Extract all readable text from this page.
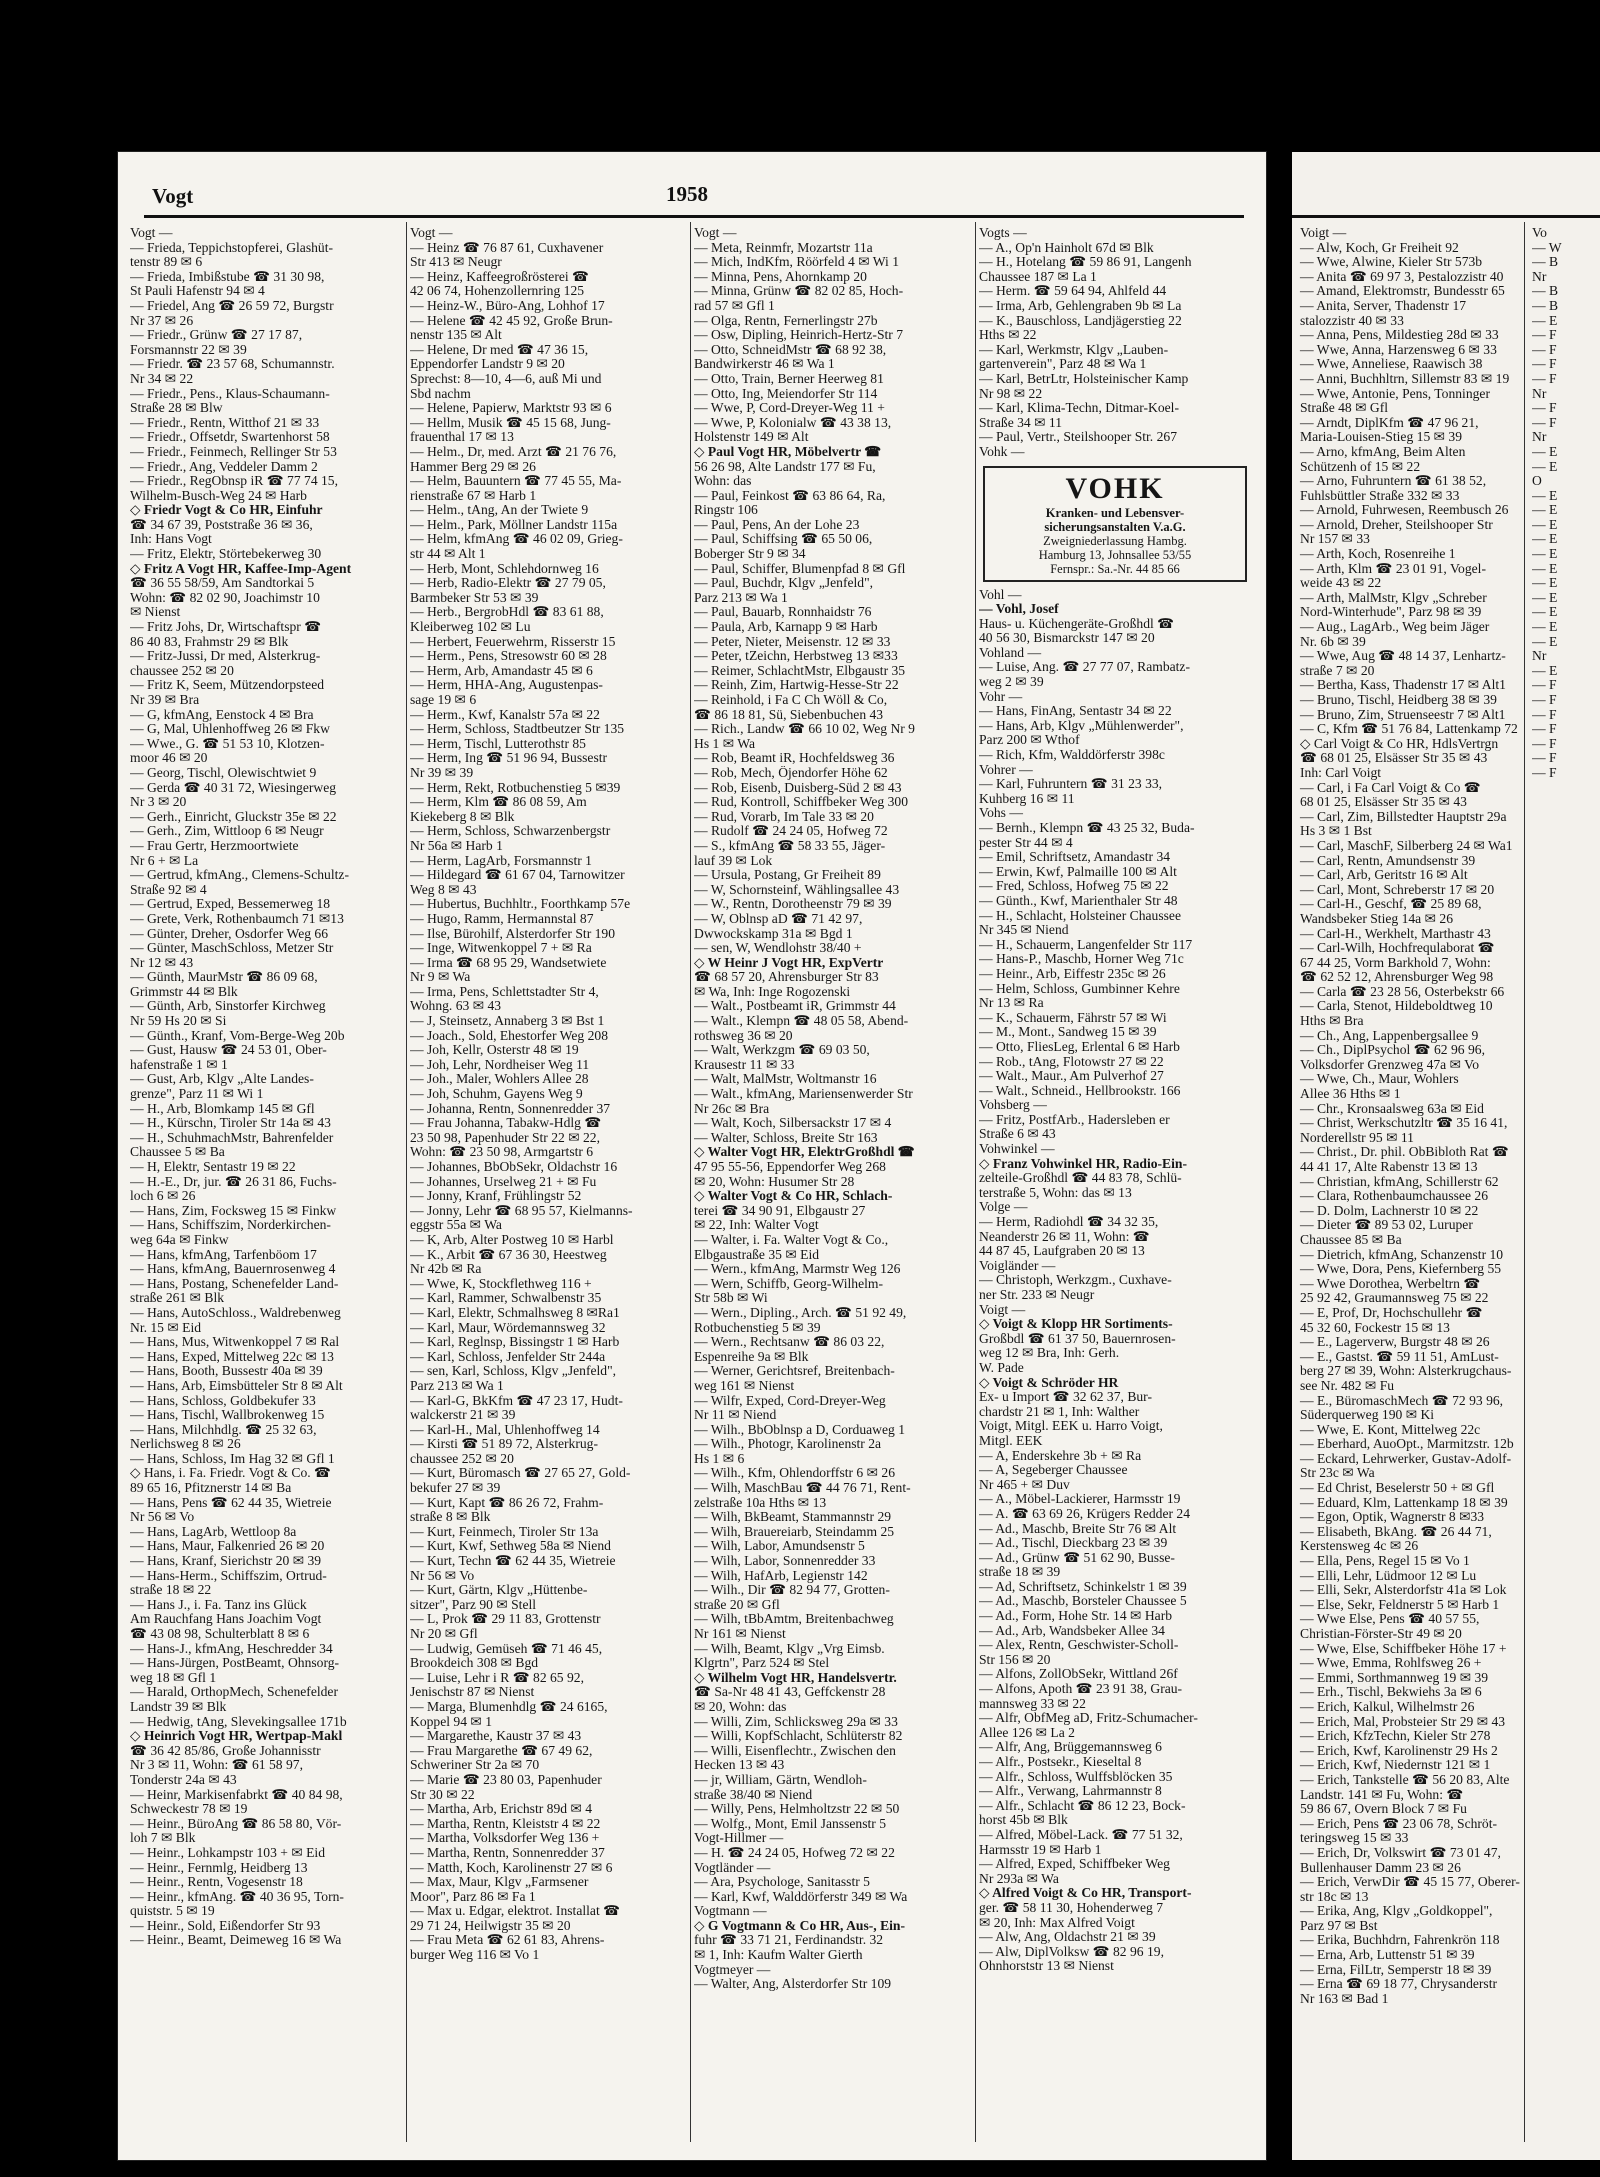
Vogt	1958
Vogt —
— Frieda, Teppichstopferei, Glashüt-
tenstr 89 ✉ 6
— Frieda, Imbißstube ☎ 31 30 98,
St Pauli Hafenstr 94 ✉ 4
— Friedel, Ang ☎ 26 59 72, Burgstr
Nr 37 ✉ 26
— Friedr., Grünw ☎ 27 17 87,
Forsmannstr 22 ✉ 39
— Friedr. ☎ 23 57 68, Schumannstr.
Nr 34 ✉ 22
— Friedr., Pens., Klaus-Schaumann-
Straße 28 ✉ Blw
— Friedr., Rentn, Witthof 21 ✉ 33
— Friedr., Offsetdr, Swartenhorst 58
— Friedr., Feinmech, Rellinger Str 53
— Friedr., Ang, Veddeler Damm 2
— Friedr., RegObnsp iR ☎ 77 74 15,
Wilhelm-Busch-Weg 24 ✉ Harb
◇ Friedr Vogt & Co HR, Einfuhr
☎ 34 67 39, Poststraße 36 ✉ 36,
Inh: Hans Vogt
— Fritz, Elektr, Störtebekerweg 30
◇ Fritz A Vogt HR, Kaffee-Imp-Agent
☎ 36 55 58/59, Am Sandtorkai 5
Wohn: ☎ 82 02 90, Joachimstr 10
✉ Nienst
— Fritz Johs, Dr, Wirtschaftspr ☎
86 40 83, Frahmstr 29 ✉ Blk
— Fritz-Jussi, Dr med, Alsterkrug-
chaussee 252 ✉ 20
— Fritz K, Seem, Mützendorpsteed
Nr 39 ✉ Bra
— G, kfmAng, Eenstock 4 ✉ Bra
— G, Mal, Uhlenhoffweg 26 ✉ Fkw
— Wwe., G. ☎ 51 53 10, Klotzen-
moor 46 ✉ 20
— Georg, Tischl, Olewischtwiet 9
— Gerda ☎ 40 31 72, Wiesingerweg
Nr 3 ✉ 20
— Gerh., Einricht, Gluckstr 35e ✉ 22
— Gerh., Zim, Wittloop 6 ✉ Neugr
— Frau Gertr, Herzmoortwiete
Nr 6 + ✉ La
— Gertrud, kfmAng., Clemens-Schultz-
Straße 92 ✉ 4
— Gertrud, Exped, Bessemerweg 18
— Grete, Verk, Rothenbaumch 71 ✉13
— Günter, Dreher, Osdorfer Weg 66
— Günter, MaschSchloss, Metzer Str
Nr 12 ✉ 43
— Günth, MaurMstr ☎ 86 09 68,
Grimmstr 44 ✉ Blk
— Günth, Arb, Sinstorfer Kirchweg
Nr 59 Hs 20 ✉ Si
— Günth., Kranf, Vom-Berge-Weg 20b
— Gust, Hausw ☎ 24 53 01, Ober-
hafenstraße 1 ✉ 1
— Gust, Arb, Klgv „Alte Landes-
grenze", Parz 11 ✉ Wi 1
— H., Arb, Blomkamp 145 ✉ Gfl
— H., Kürschn, Tiroler Str 14a ✉ 43
— H., SchuhmachMstr, Bahrenfelder
Chaussee 5 ✉ Ba
— H, Elektr, Sentastr 19 ✉ 22
— H.-E., Dr, jur. ☎ 26 31 86, Fuchs-
loch 6 ✉ 26
— Hans, Zim, Focksweg 15 ✉ Finkw
— Hans, Schiffszim, Norderkirchen-
weg 64a ✉ Finkw
— Hans, kfmAng, Tarfenböom 17
— Hans, kfmAng, Bauernrosenweg 4
— Hans, Postang, Schenefelder Land-
straße 261 ✉ Blk
— Hans, AutoSchloss., Waldrebenweg
Nr. 15 ✉ Eid
— Hans, Mus, Witwenkoppel 7 ✉ Ral
— Hans, Exped, Mittelweg 22c ✉ 13
— Hans, Booth, Bussestr 40a ✉ 39
— Hans, Arb, Eimsbütteler Str 8 ✉ Alt
— Hans, Schloss, Goldbekufer 33
— Hans, Tischl, Wallbrokenweg 15
— Hans, Milchhdlg. ☎ 25 32 63,
Nerlichsweg 8 ✉ 26
— Hans, Schloss, Im Hag 32 ✉ Gfl 1
◇ Hans, i. Fa. Friedr. Vogt & Co. ☎
89 65 16, Pfitznerstr 14 ✉ Ba
— Hans, Pens ☎ 62 44 35, Wietreie
Nr 56 ✉ Vo
— Hans, LagArb, Wettloop 8a
— Hans, Maur, Falkenried 26 ✉ 20
— Hans, Kranf, Sierichstr 20 ✉ 39
— Hans-Herm., Schiffszim, Ortrud-
straße 18 ✉ 22
— Hans J., i. Fa. Tanz ins Glück
Am Rauchfang Hans Joachim Vogt
☎ 43 08 98, Schulterblatt 8 ✉ 6
— Hans-J., kfmAng, Heschredder 34
— Hans-Jürgen, PostBeamt, Ohnsorg-
weg 18 ✉ Gfl 1
— Harald, OrthopMech, Schenefelder
Landstr 39 ✉ Blk
— Hedwig, tAng, Slevekingsallee 171b
◇ Heinrich Vogt HR, Wertpap-Makl
☎ 36 42 85/86, Große Johannisstr
Nr 3 ✉ 11, Wohn: ☎ 61 58 97,
Tonderstr 24a ✉ 43
— Heinr, Markisenfabrkt ☎ 40 84 98,
Schweckestr 78 ✉ 19
— Heinr., BüroAng ☎ 86 58 80, Vör-
loh 7 ✉ Blk
— Heinr., Lohkampstr 103 + ✉ Eid
— Heinr., Fernmlg, Heidberg 13
— Heinr., Rentn, Vogesenstr 18
— Heinr., kfmAng. ☎ 40 36 95, Torn-
quiststr. 5 ✉ 19
— Heinr., Sold, Eißendorfer Str 93
— Heinr., Beamt, Deimeweg 16 ✉ Wa
Vogt —
— Heinz ☎ 76 87 61, Cuxhavener
Str 413 ✉ Neugr
— Heinz, Kaffeegroßrösterei ☎
42 06 74, Hohenzollernring 125
— Heinz-W., Büro-Ang, Lohhof 17
— Helene ☎ 42 45 92, Große Brun-
nenstr 135 ✉ Alt
— Helene, Dr med ☎ 47 36 15,
Eppendorfer Landstr 9 ✉ 20
Sprechst: 8—10, 4—6, auß Mi und
Sbd nachm
— Helene, Papierw, Marktstr 93 ✉ 6
— Hellm, Musik ☎ 45 15 68, Jung-
frauenthal 17 ✉ 13
— Helm., Dr, med. Arzt ☎ 21 76 76,
Hammer Berg 29 ✉ 26
— Helm, Bauuntern ☎ 77 45 55, Ma-
rienstraße 67 ✉ Harb 1
— Helm., tAng, An der Twiete 9
— Helm., Park, Möllner Landstr 115a
— Helm, kfmAng ☎ 46 02 09, Grieg-
str 44 ✉ Alt 1
— Herb, Mont, Schlehdornweg 16
— Herb, Radio-Elektr ☎ 27 79 05,
Barmbeker Str 53 ✉ 39
— Herb., BergrobHdl ☎ 83 61 88,
Kleiberweg 102 ✉ Lu
— Herbert, Feuerwehrm, Risserstr 15
— Herm., Pens, Stresowstr 60 ✉ 28
— Herm, Arb, Amandastr 45 ✉ 6
— Herm, HHA-Ang, Augustenpas-
sage 19 ✉ 6
— Herm., Kwf, Kanalstr 57a ✉ 22
— Herm, Schloss, Stadtbeutzer Str 135
— Herm, Tischl, Lutterothstr 85
— Herm, Ing ☎ 51 96 94, Bussestr
Nr 39 ✉ 39
— Herm, Rekt, Rotbuchenstieg 5 ✉39
— Herm, Klm ☎ 86 08 59, Am
Kiekeberg 8 ✉ Blk
— Herm, Schloss, Schwarzenbergstr
Nr 56a ✉ Harb 1
— Herm, LagArb, Forsmannstr 1
— Hildegard ☎ 61 67 04, Tarnowitzer
Weg 8 ✉ 43
— Hubertus, Buchhltr., Foorthkamp 57e
— Hugo, Ramm, Hermannstal 87
— Ilse, Bürohilf, Alsterdorfer Str 190
— Inge, Witwenkoppel 7 + ✉ Ra
— Irma ☎ 68 95 29, Wandsetwiete
Nr 9 ✉ Wa
— Irma, Pens, Schlettstadter Str 4,
Wohng. 63 ✉ 43
— J, Steinsetz, Annaberg 3 ✉ Bst 1
— Joach., Sold, Ehestorfer Weg 208
— Joh, Kellr, Osterstr 48 ✉ 19
— Joh, Lehr, Nordheiser Weg 11
— Joh., Maler, Wohlers Allee 28
— Joh, Schuhm, Gayens Weg 9
— Johanna, Rentn, Sonnenredder 37
— Frau Johanna, Tabakw-Hdlg ☎
23 50 98, Papenhuder Str 22 ✉ 22,
Wohn: ☎ 23 50 98, Armgartstr 6
— Johannes, BbObSekr, Oldachstr 16
— Johannes, Urselweg 21 + ✉ Fu
— Jonny, Kranf, Frühlingstr 52
— Jonny, Lehr ☎ 68 95 57, Kielmanns-
eggstr 55a ✉ Wa
— K, Arb, Alter Postweg 10 ✉ Harbl
— K., Arbit ☎ 67 36 30, Heestweg
Nr 42b ✉ Ra
— Wwe, K, Stockflethweg 116 +
— Karl, Rammer, Schwalbenstr 35
— Karl, Elektr, Schmalhsweg 8 ✉Ra1
— Karl, Maur, Wördemannsweg 32
— Karl, Reglnsp, Bissingstr 1 ✉ Harb
— Karl, Schloss, Jenfelder Str 244a
— sen, Karl, Schloss, Klgv „Jenfeld",
Parz 213 ✉ Wa 1
— Karl-G, BkKfm ☎ 47 23 17, Hudt-
walckerstr 21 ✉ 39
— Karl-H., Mal, Uhlenhoffweg 14
— Kirsti ☎ 51 89 72, Alsterkrug-
chaussee 252 ✉ 20
— Kurt, Büromasch ☎ 27 65 27, Gold-
bekufer 27 ✉ 39
— Kurt, Kapt ☎ 86 26 72, Frahm-
straße 8 ✉ Blk
— Kurt, Feinmech, Tiroler Str 13a
— Kurt, Kwf, Sethweg 58a ✉ Niend
— Kurt, Techn ☎ 62 44 35, Wietreie
Nr 56 ✉ Vo
— Kurt, Gärtn, Klgv „Hüttenbe-
sitzer", Parz 90 ✉ Stell
— L, Prok ☎ 29 11 83, Grottenstr
Nr 20 ✉ Gfl
— Ludwig, Gemüseh ☎ 71 46 45,
Brookdeich 308 ✉ Bgd
— Luise, Lehr i R ☎ 82 65 92,
Jenischstr 87 ✉ Nienst
— Marga, Blumenhdlg ☎ 24 6165,
Koppel 94 ✉ 1
— Margarethe, Kaustr 37 ✉ 43
— Frau Margarethe ☎ 67 49 62,
Schweriner Str 2a ✉ 70
— Marie ☎ 23 80 03, Papenhuder
Str 30 ✉ 22
— Martha, Arb, Erichstr 89d ✉ 4
— Martha, Rentn, Kleiststr 4 ✉ 22
— Martha, Volksdorfer Weg 136 +
— Martha, Rentn, Sonnenredder 37
— Matth, Koch, Karolinenstr 27 ✉ 6
— Max, Maur, Klgv „Farmsener
Moor", Parz 86 ✉ Fa 1
— Max u. Edgar, elektrot. Installat ☎
29 71 24, Heilwigstr 35 ✉ 20
— Frau Meta ☎ 62 61 83, Ahrens-
burger Weg 116 ✉ Vo 1
Vogt —
— Meta, Reinmfr, Mozartstr 11a
— Mich, IndKfm, Röörfeld 4 ✉ Wi 1
— Minna, Pens, Ahornkamp 20
— Minna, Grünw ☎ 82 02 85, Hoch-
rad 57 ✉ Gfl 1
— Olga, Rentn, Fernerlingstr 27b
— Osw, Dipling, Heinrich-Hertz-Str 7
— Otto, SchneidMstr ☎ 68 92 38,
Bandwirkerstr 46 ✉ Wa 1
— Otto, Train, Berner Heerweg 81
— Otto, Ing, Meiendorfer Str 114
— Wwe, P, Cord-Dreyer-Weg 11 +
— Wwe, P, Kolonialw ☎ 43 38 13,
Holstenstr 149 ✉ Alt
◇ Paul Vogt HR, Möbelvertr ☎
56 26 98, Alte Landstr 177 ✉ Fu,
Wohn: das
— Paul, Feinkost ☎ 63 86 64, Ra,
Ringstr 106
— Paul, Pens, An der Lohe 23
— Paul, Schiffsing ☎ 65 50 06,
Boberger Str 9 ✉ 34
— Paul, Schiffer, Blumenpfad 8 ✉ Gfl
— Paul, Buchdr, Klgv „Jenfeld",
Parz 213 ✉ Wa 1
— Paul, Bauarb, Ronnhaidstr 76
— Paula, Arb, Karnapp 9 ✉ Harb
— Peter, Nieter, Meisenstr. 12 ✉ 33
— Peter, tZeichn, Herbstweg 13 ✉33
— Reimer, SchlachtMstr, Elbgaustr 35
— Reinh, Zim, Hartwig-Hesse-Str 22
— Reinhold, i Fa C Ch Wöll & Co,
☎ 86 18 81, Sü, Siebenbuchen 43
— Rich., Landw ☎ 66 10 02, Weg Nr 9
Hs 1 ✉ Wa
— Rob, Beamt iR, Hochfeldsweg 36
— Rob, Mech, Öjendorfer Höhe 62
— Rob, Eisenb, Duisberg-Süd 2 ✉ 43
— Rud, Kontroll, Schiffbeker Weg 300
— Rud, Vorarb, Im Tale 33 ✉ 20
— Rudolf ☎ 24 24 05, Hofweg 72
— S., kfmAng ☎ 58 33 55, Jäger-
lauf 39 ✉ Lok
— Ursula, Postang, Gr Freiheit 89
— W, Schornsteinf, Wählingsallee 43
— W., Rentn, Dorotheenstr 79 ✉ 39
— W, Oblnsp aD ☎ 71 42 97,
Dwwockskamp 31a ✉ Bgd 1
— sen, W, Wendlohstr 38/40 +
◇ W Heinr J Vogt HR, ExpVertr
☎ 68 57 20, Ahrensburger Str 83
✉ Wa, Inh: Inge Rogozenski
— Walt., Postbeamt iR, Grimmstr 44
— Walt., Klempn ☎ 48 05 58, Abend-
rothsweg 36 ✉ 20
— Walt, Werkzgm ☎ 69 03 50,
Krausestr 11 ✉ 33
— Walt, MalMstr, Woltmanstr 16
— Walt., kfmAng, Mariensenwerder Str
Nr 26c ✉ Bra
— Walt, Koch, Silbersackstr 17 ✉ 4
— Walter, Schloss, Breite Str 163
◇ Walter Vogt HR, ElektrGroßhdl ☎
47 95 55-56, Eppendorfer Weg 268
✉ 20, Wohn: Husumer Str 28
◇ Walter Vogt & Co HR, Schlach-
terei ☎ 34 90 91, Elbgaustr 27
✉ 22, Inh: Walter Vogt
— Walter, i. Fa. Walter Vogt & Co.,
Elbgaustraße 35 ✉ Eid
— Wern., kfmAng, Marmstr Weg 126
— Wern, Schiffb, Georg-Wilhelm-
Str 58b ✉ Wi
— Wern., Dipling., Arch. ☎ 51 92 49,
Rotbuchenstieg 5 ✉ 39
— Wern., Rechtsanw ☎ 86 03 22,
Espenreihe 9a ✉ Blk
— Werner, Gerichtsref, Breitenbach-
weg 161 ✉ Nienst
— Wilfr, Exped, Cord-Dreyer-Weg
Nr 11 ✉ Niend
— Wilh., BbOblnsp a D, Corduaweg 1
— Wilh., Photogr, Karolinenstr 2a
Hs 1 ✉ 6
— Wilh., Kfm, Ohlendorffstr 6 ✉ 26
— Wilh, MaschBau ☎ 44 76 71, Rent-
zelstraße 10a Hths ✉ 13
— Wilh, BkBeamt, Stammannstr 29
— Wilh, Brauereiarb, Steindamm 25
— Wilh, Labor, Amundsenstr 5
— Wilh, Labor, Sonnenredder 33
— Wilh, HafArb, Legienstr 142
— Wilh., Dir ☎ 82 94 77, Grotten-
straße 20 ✉ Gfl
— Wilh, tBbAmtm, Breitenbachweg
Nr 161 ✉ Nienst
— Wilh, Beamt, Klgv „Vrg Eimsb.
Klgrtn", Parz 524 ✉ Stel
◇ Wilhelm Vogt HR, Handelsvertr.
☎ Sa-Nr 48 41 43, Geffckenstr 28
✉ 20, Wohn: das
— Willi, Zim, Schlicksweg 29a ✉ 33
— Willi, KopfSchlacht, Schlüterstr 82
— Willi, Eisenflechtr., Zwischen den
Hecken 13 ✉ 43
— jr, William, Gärtn, Wendloh-
straße 38/40 ✉ Niend
— Willy, Pens, Helmholtzstr 22 ✉ 50
— Wolfg., Mont, Emil Janssenstr 5
Vogt-Hillmer —
— H. ☎ 24 24 05, Hofweg 72 ✉ 22
Vogtländer —
— Ara, Psychologe, Sanitasstr 5
— Karl, Kwf, Walddörferstr 349 ✉ Wa
Vogtmann —
◇ G Vogtmann & Co HR, Aus-, Ein-
fuhr ☎ 33 71 21, Ferdinandstr. 32
✉ 1, Inh: Kaufm Walter Gierth
Vogtmeyer —
— Walter, Ang, Alsterdorfer Str 109
Vogts —
— A., Op'n Hainholt 67d ✉ Blk
— H., Hotelang ☎ 59 86 91, Langenh
Chaussee 187 ✉ La 1
— Herm. ☎ 59 64 94, Ahlfeld 44
— Irma, Arb, Gehlengraben 9b ✉ La
— K., Bauschloss, Landjägerstieg 22
Hths ✉ 22
— Karl, Werkmstr, Klgv „Lauben-
gartenverein", Parz 48 ✉ Wa 1
— Karl, BetrLtr, Holsteinischer Kamp
Nr 98 ✉ 22
— Karl, Klima-Techn, Ditmar-Koel-
Straße 34 ✉ 11
— Paul, Vertr., Steilshooper Str. 267
Vohk —
VOHK
Kranken- und Lebensver-
sicherungsanstalten V.a.G.
Zweigniederlassung Hambg.
Hamburg 13, Johnsallee 53/55
Fernspr.: Sa.-Nr. 44 85 66
Vohl —
— Vohl, Josef
Haus- u. Küchengeräte-Großhdl ☎
40 56 30, Bismarckstr 147 ✉ 20
Vohland —
— Luise, Ang. ☎ 27 77 07, Rambatz-
weg 2 ✉ 39
Vohr —
— Hans, FinAng, Sentastr 34 ✉ 22
— Hans, Arb, Klgv „Mühlenwerder",
Parz 200 ✉ Wthof
— Rich, Kfm, Walddörferstr 398c
Vohrer —
— Karl, Fuhruntern ☎ 31 23 33,
Kuhberg 16 ✉ 11
Vohs —
— Bernh., Klempn ☎ 43 25 32, Buda-
pester Str 44 ✉ 4
— Emil, Schriftsetz, Amandastr 34
— Erwin, Kwf, Palmaille 100 ✉ Alt
— Fred, Schloss, Hofweg 75 ✉ 22
— Günth., Kwf, Marienthaler Str 48
— H., Schlacht, Holsteiner Chaussee
Nr 345 ✉ Niend
— H., Schauerm, Langenfelder Str 117
— Hans-P., Maschb, Horner Weg 71c
— Heinr., Arb, Eiffestr 235c ✉ 26
— Helm, Schloss, Gumbinner Kehre
Nr 13 ✉ Ra
— K., Schauerm, Fährstr 57 ✉ Wi
— M., Mont., Sandweg 15 ✉ 39
— Otto, FliesLeg, Erlental 6 ✉ Harb
— Rob., tAng, Flotowstr 27 ✉ 22
— Walt., Maur., Am Pulverhof 27
— Walt., Schneid., Hellbrookstr. 166
Vohsberg —
— Fritz, PostfArb., Hadersleben er
Straße 6 ✉ 43
Vohwinkel —
◇ Franz Vohwinkel HR, Radio-Ein-
zelteile-Großhdl ☎ 44 83 78, Schlü-
terstraße 5, Wohn: das ✉ 13
Volge —
— Herm, Radiohdl ☎ 34 32 35,
Neanderstr 26 ✉ 11, Wohn: ☎
44 87 45, Laufgraben 20 ✉ 13
Voigländer —
— Christoph, Werkzgm., Cuxhave-
ner Str. 233 ✉ Neugr
Voigt —
◇ Voigt & Klopp HR Sortiments-
Großbdl ☎ 61 37 50, Bauernrosen-
weg 12 ✉ Bra, Inh: Gerh.
W. Pade
◇ Voigt & Schröder HR
Ex- u Import ☎ 32 62 37, Bur-
chardstr 21 ✉ 1, Inh: Walther
Voigt, Mitgl. EEK u. Harro Voigt,
Mitgl. EEK
— A, Enderskehre 3b + ✉ Ra
— A, Segeberger Chaussee
Nr 465 + ✉ Duv
— A., Möbel-Lackierer, Harmsstr 19
— A. ☎ 63 69 26, Krügers Redder 24
— Ad., Maschb, Breite Str 76 ✉ Alt
— Ad., Tischl, Dieckbarg 23 ✉ 39
— Ad., Grünw ☎ 51 62 90, Busse-
straße 18 ✉ 39
— Ad, Schriftsetz, Schinkelstr 1 ✉ 39
— Ad., Maschb, Borsteler Chaussee 5
— Ad., Form, Hohe Str. 14 ✉ Harb
— Ad., Arb, Wandsbeker Allee 34
— Alex, Rentn, Geschwister-Scholl-
Str 156 ✉ 20
— Alfons, ZollObSekr, Wittland 26f
— Alfons, Apoth ☎ 23 91 38, Grau-
mannsweg 33 ✉ 22
— Alfr, ObfMeg aD, Fritz-Schumacher-
Allee 126 ✉ La 2
— Alfr, Ang, Brüggemannsweg 6
— Alfr., Postsekr., Kieseltal 8
— Alfr., Schloss, Wulffsblöcken 35
— Alfr., Verwang, Lahrmannstr 8
— Alfr., Schlacht ☎ 86 12 23, Bock-
horst 45b ✉ Blk
— Alfred, Möbel-Lack. ☎ 77 51 32,
Harmsstr 19 ✉ Harb 1
— Alfred, Exped, Schiffbeker Weg
Nr 293a ✉ Wa
◇ Alfred Voigt & Co HR, Transport-
ger. ☎ 58 11 30, Hohenderweg 7
✉ 20, Inh: Max Alfred Voigt
— Alw, Ang, Oldachstr 21 ✉ 39
— Alw, DiplVolksw ☎ 82 96 19,
Ohnhorststr 13 ✉ Nienst
Voigt —
— Alw, Koch, Gr Freiheit 92
— Wwe, Alwine, Kieler Str 573b
— Anita ☎ 69 97 3, Pestalozzistr 40
— Amand, Elektromstr, Bundesstr 65
— Anita, Server, Thadenstr 17
stalozzistr 40 ✉ 33
— Anna, Pens, Mildestieg 28d ✉ 33
— Wwe, Anna, Harzensweg 6 ✉ 33
— Wwe, Anneliese, Raawisch 38
— Anni, Buchhltrn, Sillemstr 83 ✉ 19
— Wwe, Antonie, Pens, Tonninger
Straße 48 ✉ Gfl
— Arndt, DiplKfm ☎ 47 96 21,
Maria-Louisen-Stieg 15 ✉ 39
— Arno, kfmAng, Beim Alten
Schützenh of 15 ✉ 22
— Arno, Fuhruntern ☎ 61 38 52,
Fuhlsbüttler Straße 332 ✉ 33
— Arnold, Fuhrwesen, Reembusch 26
— Arnold, Dreher, Steilshooper Str
Nr 157 ✉ 33
— Arth, Koch, Rosenreihe 1
— Arth, Klm ☎ 23 01 91, Vogel-
weide 43 ✉ 22
— Arth, MalMstr, Klgv „Schreber
Nord-Winterhude", Parz 98 ✉ 39
— Aug., LagArb., Weg beim Jäger
Nr. 6b ✉ 39
— Wwe, Aug ☎ 48 14 37, Lenhartz-
straße 7 ✉ 20
— Bertha, Kass, Thadenstr 17 ✉ Alt1
— Bruno, Tischl, Heidberg 38 ✉ 39
— Bruno, Zim, Struenseestr 7 ✉ Alt1
— C, Kfm ☎ 51 76 84, Lattenkamp 72
◇ Carl Voigt & Co HR, HdlsVertrgn
☎ 68 01 25, Elsässer Str 35 ✉ 43
Inh: Carl Voigt
— Carl, i Fa Carl Voigt & Co ☎
68 01 25, Elsässer Str 35 ✉ 43
— Carl, Zim, Billstedter Hauptstr 29a
Hs 3 ✉ 1 Bst
— Carl, MaschF, Silberberg 24 ✉ Wa1
— Carl, Rentn, Amundsenstr 39
— Carl, Arb, Geritstr 16 ✉ Alt
— Carl, Mont, Schreberstr 17 ✉ 20
— Carl-H., Geschf, ☎ 25 89 68,
Wandsbeker Stieg 14a ✉ 26
— Carl-H., Werkhelt, Marthastr 43
— Carl-Wilh, Hochfrequlaborat ☎
67 44 25, Vorm Barkhold 7, Wohn:
☎ 62 52 12, Ahrensburger Weg 98
— Carla ☎ 23 28 56, Osterbekstr 66
— Carla, Stenot, Hildeboldtweg 10
Hths ✉ Bra
— Ch., Ang, Lappenbergsallee 9
— Ch., DiplPsychol ☎ 62 96 96,
Volksdorfer Grenzweg 47a ✉ Vo
— Wwe, Ch., Maur, Wohlers
Allee 36 Hths ✉ 1
— Chr., Kronsaalsweg 63a ✉ Eid
— Christ, Werkschutzltr ☎ 35 16 41,
Norderellstr 95 ✉ 11
— Christ., Dr. phil. ObBibloth Rat ☎
44 41 17, Alte Rabenstr 13 ✉ 13
— Christian, kfmAng, Schillerstr 62
— Clara, Rothenbaumchaussee 26
— D. Dolm, Lachnerstr 10 ✉ 22
— Dieter ☎ 89 53 02, Luruper
Chaussee 85 ✉ Ba
— Dietrich, kfmAng, Schanzenstr 10
— Wwe, Dora, Pens, Kiefernberg 55
— Wwe Dorothea, Werbeltrn ☎
25 92 42, Graumannsweg 75 ✉ 22
— E, Prof, Dr, Hochschullehr ☎
45 32 60, Fockestr 15 ✉ 13
— E., Lagerverw, Burgstr 48 ✉ 26
— E., Gastst. ☎ 59 11 51, AmLust-
berg 27 ✉ 39, Wohn: Alsterkrugchaus-
see Nr. 482 ✉ Fu
— E., BüromaschMech ☎ 72 93 96,
Süderquerweg 190 ✉ Ki
— Wwe, E. Kont, Mittelweg 22c
— Eberhard, AuoOpt., Marmitzstr. 12b
— Eckard, Lehrwerker, Gustav-Adolf-
Str 23c ✉ Wa
— Ed Christ, Beselerstr 50 + ✉ Gfl
— Eduard, Klm, Lattenkamp 18 ✉ 39
— Egon, Optik, Wagnerstr 8 ✉33
— Elisabeth, BkAng. ☎ 26 44 71,
Kerstensweg 4c ✉ 26
— Ella, Pens, Regel 15 ✉ Vo 1
— Elli, Lehr, Lüdmoor 12 ✉ Lu
— Elli, Sekr, Alsterdorfstr 41a ✉ Lok
— Else, Sekr, Feldnerstr 5 ✉ Harb 1
— Wwe Else, Pens ☎ 40 57 55,
Christian-Förster-Str 49 ✉ 20
— Wwe, Else, Schiffbeker Höhe 17 +
— Wwe, Emma, Rohlfsweg 26 +
— Emmi, Sorthmannweg 19 ✉ 39
— Erh., Tischl, Bekwiehs 3a ✉ 6
— Erich, Kalkul, Wilhelmstr 26
— Erich, Mal, Probsteier Str 29 ✉ 43
— Erich, KfzTechn, Kieler Str 278
— Erich, Kwf, Karolinenstr 29 Hs 2
— Erich, Kwf, Niedernstr 121 ✉ 1
— Erich, Tankstelle ☎ 56 20 83, Alte
Landstr. 141 ✉ Fu, Wohn: ☎
59 86 67, Overn Block 7 ✉ Fu
— Erich, Pens ☎ 23 06 78, Schröt-
teringsweg 15 ✉ 33
— Erich, Dr, Volkswirt ☎ 73 01 47,
Bullenhauser Damm 23 ✉ 26
— Erich, VerwDir ☎ 45 15 77, Oberer-
str 18c ✉ 13
— Erika, Ang, Klgv „Goldkoppel",
Parz 97 ✉ Bst
— Erika, Buchhdrn, Fahrenkrön 118
— Erna, Arb, Luttenstr 51 ✉ 39
— Erna, FilLtr, Semperstr 18 ✉ 39
— Erna ☎ 69 18 77, Chrysanderstr
Nr 163 ✉ Bad 1
Vo
— W
— B
Nr
— B
— B
— E
— F
— F
— F
— F
Nr
— F
— F
Nr
— E
— E
O
— E
— E
— E
— E
— E
— E
— E
— E
— E
— E
— E
Nr
— E
— F
— F
— F
— F
— F
— F
— F
